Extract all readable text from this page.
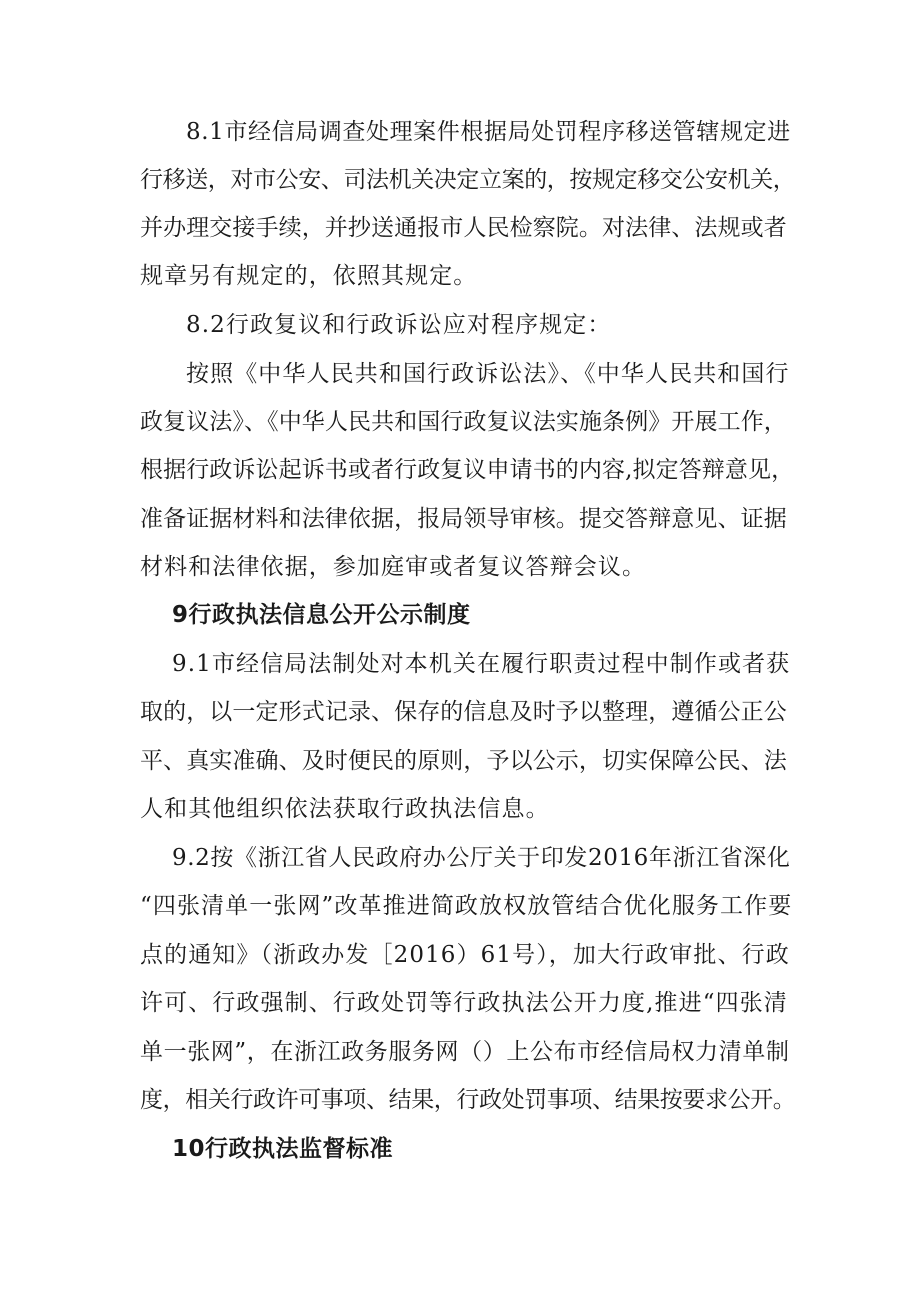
8.1市经信局调查处理案件根据局处罚程序移送管辖规定进
行移送，对市公安、司法机关决定立案的，按规定移交公安机关，
并办理交接手续，并抄送通报市人民检察院。对法律、法规或者
规章另有规定的，依照其规定。
8.2行政复议和行政诉讼应对程序规定：
按照《中华人民共和国行政诉讼法》、《中华人民共和国行
政复议法》、《中华人民共和国行政复议法实施条例》开展工作，
根据行政诉讼起诉书或者行政复议申请书的内容,拟定答辩意见，
准备证据材料和法律依据，报局领导审核。提交答辩意见、证据
材料和法律依据，参加庭审或者复议答辩会议。
9行政执法信息公开公示制度
9.1市经信局法制处对本机关在履行职责过程中制作或者获
取的，以一定形式记录、保存的信息及时予以整理，遵循公正公
平、真实准确、及时便民的原则，予以公示，切实保障公民、法
人和其他组织依法获取行政执法信息。
9.2按《浙江省人民政府办公厅关于印发2016年浙江省深化
“四张清单一张网”改革推进简政放权放管结合优化服务工作要
点的通知》（浙政办发［2016）61号），加大行政审批、行政
许可、行政强制、行政处罚等行政执法公开力度,推进“四张清
单一张网”，在浙江政务服务网（）上公布市经信局权力清单制
度，相关行政许可事项、结果，行政处罚事项、结果按要求公开。
10行政执法监督标准
